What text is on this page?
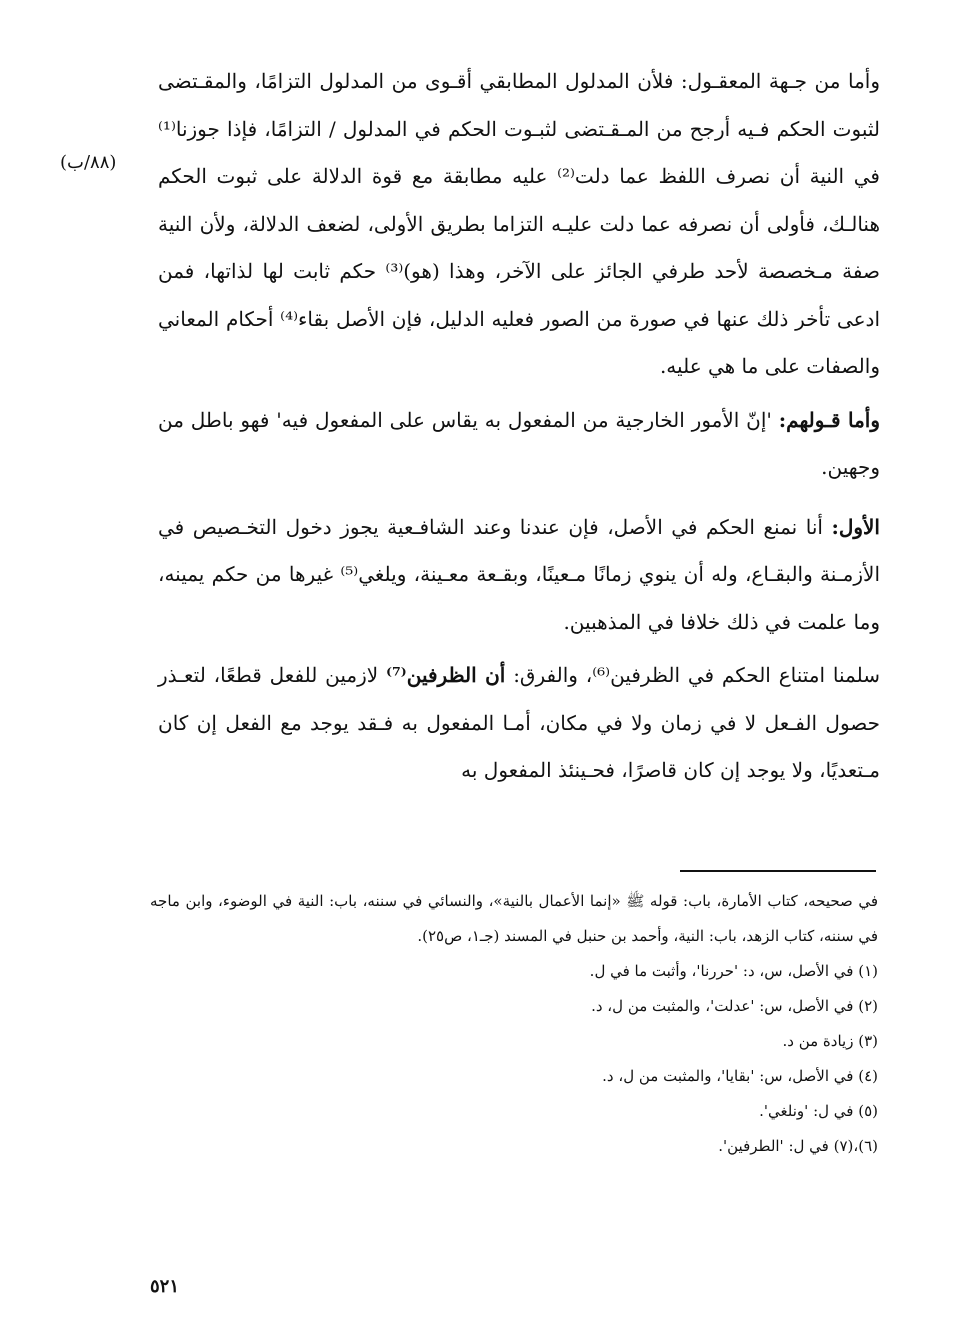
(٨٨/ب)

وأما من جـهة المعقـول: فلأن المدلول المطابقي أقـوى من المدلول التزامًا، والمقـتضى لثبوت الحكم فـيه أرجح من المـقـتضى لثبـوت الحكم في المدلول / التزامًا، فإذا جوزنا⁽¹⁾ في النية أن نصرف اللفظ عما دلت⁽²⁾ عليه مطابقة مع قوة الدلالة على ثبوت الحكم هنالـك، فأولى أن نصرفه عما دلت عليـه التزاما بطريق الأولى، لضعف الدلالة، ولأن النية صفة مـخصصة لأحد طرفي الجائز على الآخر، وهذا (هو)⁽³⁾ حكم ثابت لها لذاتها، فمن ادعى تأخر ذلك عنها في صورة من الصور فعليه الدليل، فإن الأصل بقاء⁽⁴⁾ أحكام المعاني والصفات على ما هي عليه.

وأما قـولهم: 'إنّ الأمور الخارجية من المفعول به يقاس على المفعول فيه' فهو باطل من وجهين.

الأول: أنا نمنع الحكم في الأصل، فإن عندنا وعند الشافـعية يجوز دخول التخـصيص في الأزمـنة والبقـاع، وله أن ينوي زمانًا مـعينًا، وبقـعة معـينة، ويلغي⁽⁵⁾ غيرها من حكم يمينه، وما علمت في ذلك خلافا في المذهبين.

سلمنا امتناع الحكم في الظرفين⁽⁶⁾، والفرق: أن الظرفين⁽⁷⁾ لازمين للفعل قطعًا، لتعـذر حصول الفـعل لا في زمان ولا في مكان، أمـا المفعول به فـقد يوجد مع الفعل إن كان مـتعديًا، ولا يوجد إن كان قاصرًا، فحـينئذ المفعول به

في صحيحه، كتاب الأمارة، باب: قوله ﷺ «إنما الأعمال بالنية»، والنسائي في سننه، باب: النية في الوضوء، وابن ماجه في سننه، كتاب الزهد، باب: النية، وأحمد بن حنبل في المسند (جـ١، ص٢٥).

(١) في الأصل، س، د: 'حررنا'، وأثبت ما في ل.

(٢) في الأصل، س: 'عدلت'، والمثبت من ل، د.

(٣) زيادة من د.

(٤) في الأصل، س: 'بقايا'، والمثبت من ل، د.

(٥) في ل: 'ونلغي'.

(٦)،(٧) في ل: 'الطرفين'.

٥٢١
